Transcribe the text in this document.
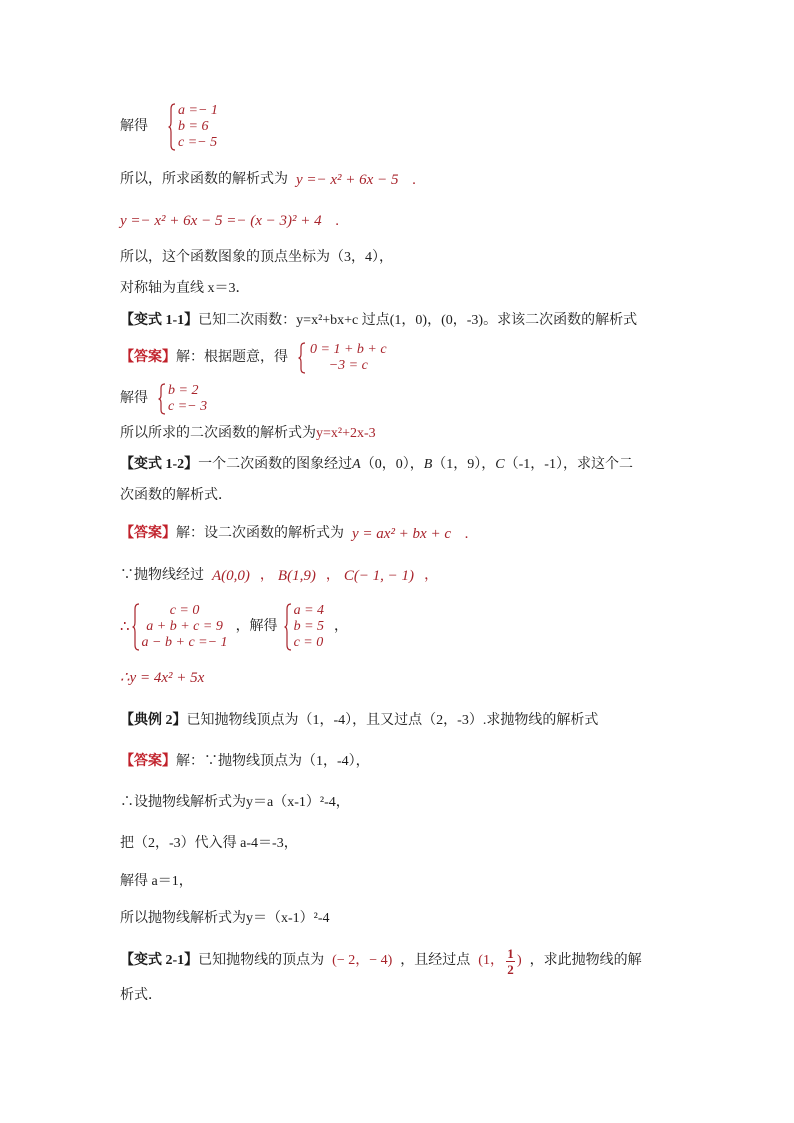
解得
a =− 1
b = 6
c =− 5
所以，所求函数的解析式为 y =− x² + 6x − 5 .
y =− x² + 6x − 5 =− (x − 3)² + 4 .
所以，这个函数图象的顶点坐标为（3，4），
对称轴为直线 x＝3．
【变式 1-1】 已知二次雨数：y=x²+bx+c 过点(1，0)，(0，-3)。求该二次函数的解析式
【答案】 解：根据题意，得
0 = 1 + b + c
−3 = c
解得
b = 2
c =− 3
所以所求的二次函数的解析式为 y=x²+2x-3
【变式 1-2】 一个二次函数的图象经过 A （0，0）， B （1，9）， C （-1，-1），求这个二
次函数的解析式．
【答案】 解：设二次函数的解析式为 y = ax² + bx + c .
∵抛物线经过 A(0,0) ， B(1,9) ， C(− 1, − 1) ，
∴
c = 0
a + b + c = 9
a − b + c =− 1
，解得
a = 4
b = 5
c = 0
，
∴y = 4x² + 5x
【典例 2】 已知抛物线顶点为（1，-4），且又过点（2，-3）.求抛物线的解析式
【答案】 解：∵抛物线顶点为（1，-4），
∴设抛物线解析式为y＝a（x-1）²-4，
把（2，-3）代入得 a-4＝-3，
解得 a＝1，
所以抛物线解析式为y＝（x-1）²-4
【变式 2-1】 已知抛物线的顶点为 (− 2，− 4) ，且经过点 (1， $\frac{1}{2}$ ) ，求此抛物线的解
析式．
